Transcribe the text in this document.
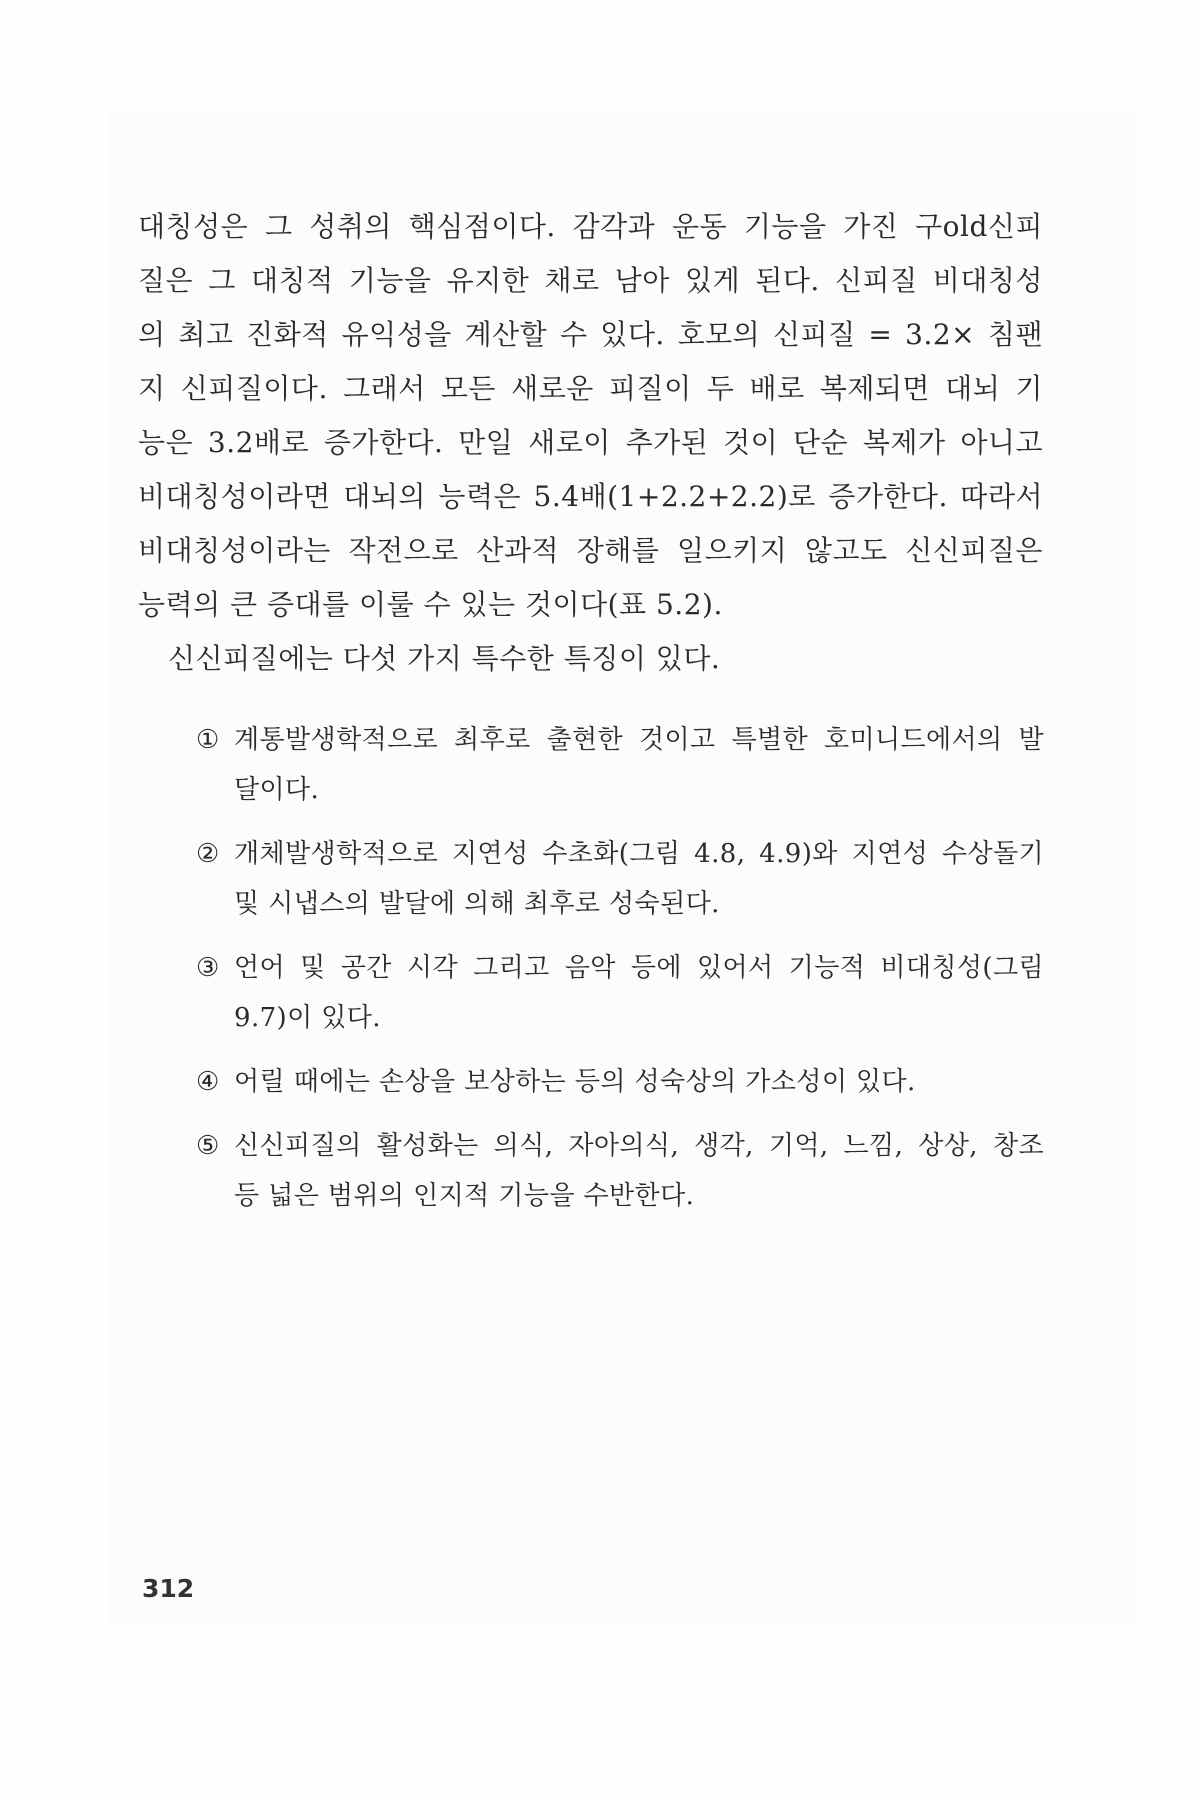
대칭성은 그 성취의 핵심점이다. 감각과 운동 기능을 가진 구old신피
질은 그 대칭적 기능을 유지한 채로 남아 있게 된다. 신피질 비대칭성
의 최고 진화적 유익성을 계산할 수 있다. 호모의 신피질 = 3.2× 침팬
지 신피질이다. 그래서 모든 새로운 피질이 두 배로 복제되면 대뇌 기
능은 3.2배로 증가한다. 만일 새로이 추가된 것이 단순 복제가 아니고
비대칭성이라면 대뇌의 능력은 5.4배(1+2.2+2.2)로 증가한다. 따라서
비대칭성이라는 작전으로 산과적 장해를 일으키지 않고도 신신피질은
능력의 큰 증대를 이룰 수 있는 것이다(표 5.2).
신신피질에는 다섯 가지 특수한 특징이 있다.
① 계통발생학적으로 최후로 출현한 것이고 특별한 호미니드에서의 발
달이다.
② 개체발생학적으로 지연성 수초화(그림 4.8, 4.9)와 지연성 수상돌기
및 시냅스의 발달에 의해 최후로 성숙된다.
③ 언어 및 공간 시각 그리고 음악 등에 있어서 기능적 비대칭성(그림
9.7)이 있다.
④ 어릴 때에는 손상을 보상하는 등의 성숙상의 가소성이 있다.
⑤ 신신피질의 활성화는 의식, 자아의식, 생각, 기억, 느낌, 상상, 창조
등 넓은 범위의 인지적 기능을 수반한다.
312
